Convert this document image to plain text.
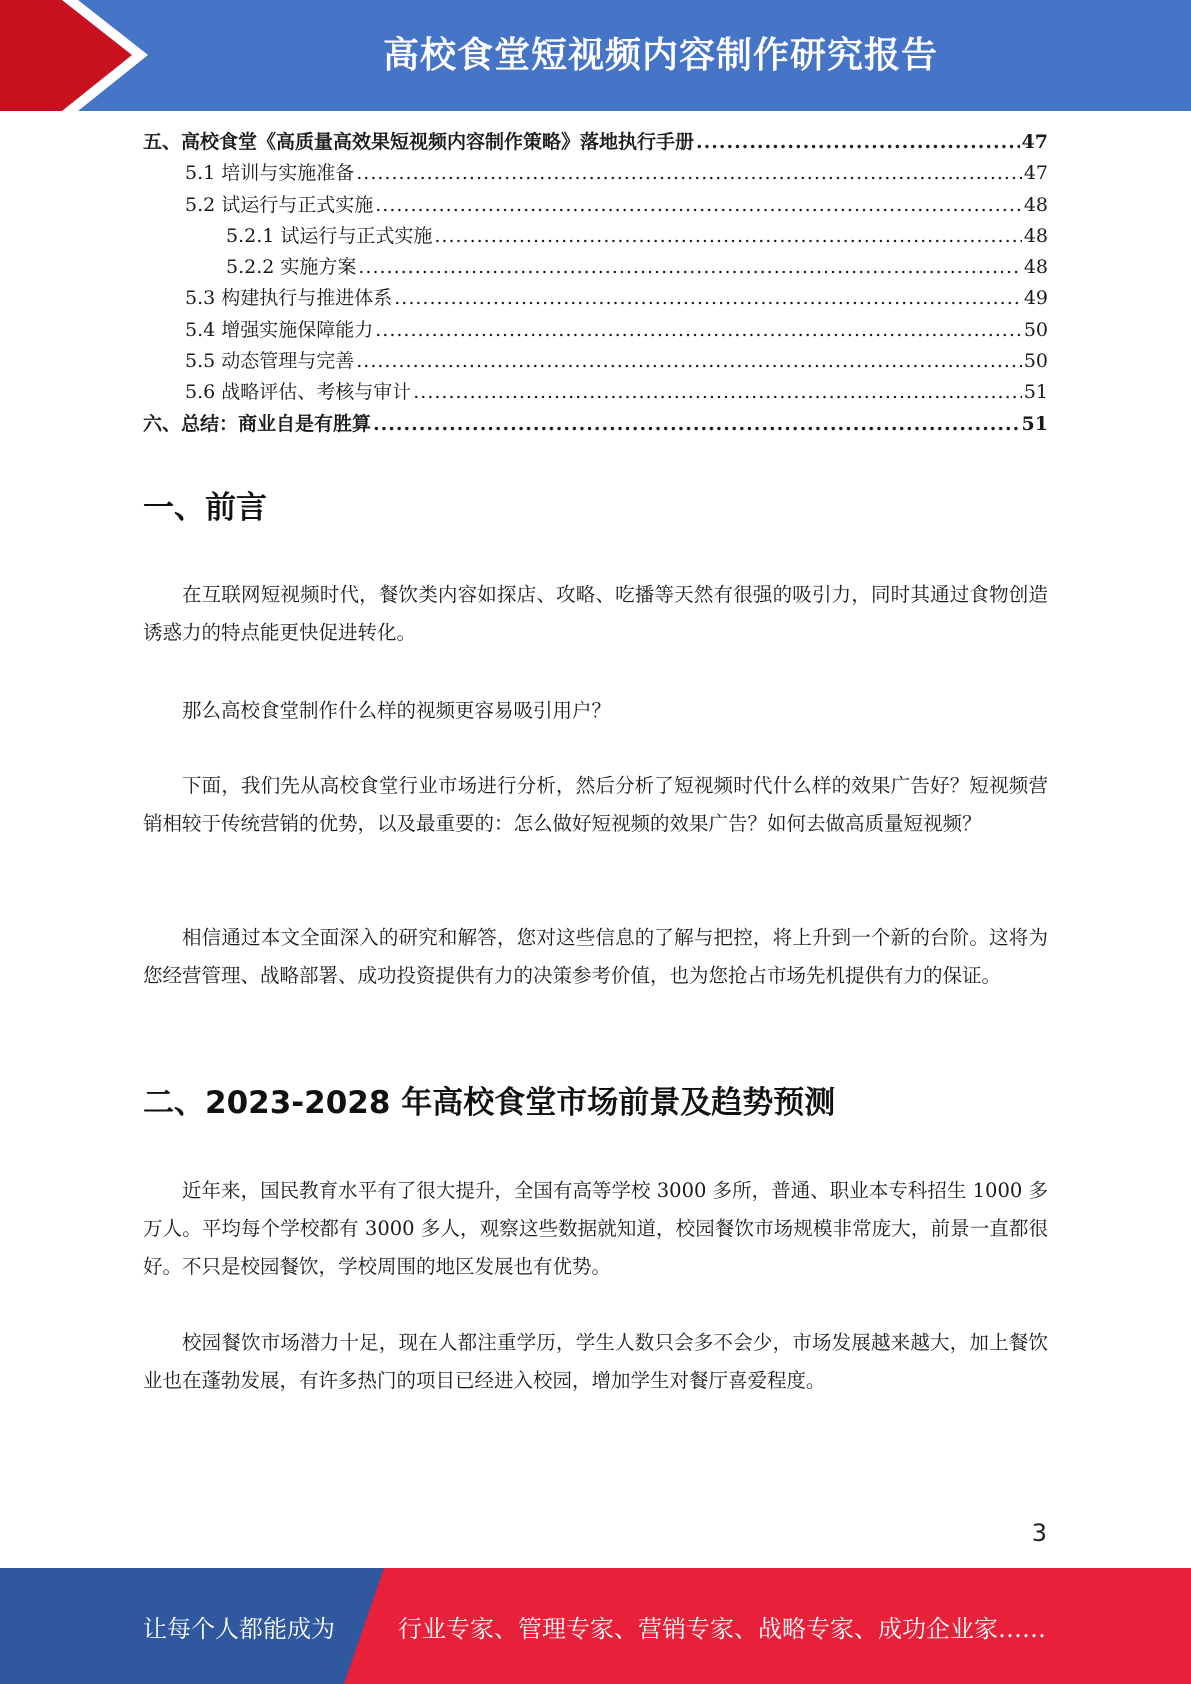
高校食堂短视频内容制作研究报告
五、高校食堂《高质量高效果短视频内容制作策略》落地执行手册 .....	47
5.1 培训与实施准备 .....	47
5.2 试运行与正式实施 .....	48
5.2.1 试运行与正式实施 .....	48
5.2.2 实施方案 .....	48
5.3 构建执行与推进体系 .....	49
5.4 增强实施保障能力 .....	50
5.5 动态管理与完善 .....	50
5.6 战略评估、考核与审计 .....	51
六、总结：商业自是有胜算 .....	51
一、前言

在互联网短视频时代，餐饮类内容如探店、攻略、吃播等天然有很强的吸引力，同时其通过食物创造诱惑力的特点能更快促进转化。

那么高校食堂制作什么样的视频更容易吸引用户？

下面，我们先从高校食堂行业市场进行分析，然后分析了短视频时代什么样的效果广告好？短视频营销相较于传统营销的优势，以及最重要的：怎么做好短视频的效果广告？如何去做高质量短视频？

相信通过本文全面深入的研究和解答，您对这些信息的了解与把控，将上升到一个新的台阶。这将为您经营管理、战略部署、成功投资提供有力的决策参考价值，也为您抢占市场先机提供有力的保证。

二、2023-2028 年高校食堂市场前景及趋势预测

近年来，国民教育水平有了很大提升，全国有高等学校 3000 多所，普通、职业本专科招生 1000 多万人。平均每个学校都有 3000 多人，观察这些数据就知道，校园餐饮市场规模非常庞大，前景一直都很好。不只是校园餐饮，学校周围的地区发展也有优势。

校园餐饮市场潜力十足，现在人都注重学历，学生人数只会多不会少，市场发展越来越大，加上餐饮业也在蓬勃发展，有许多热门的项目已经进入校园，增加学生对餐厅喜爱程度。

3
让每个人都能成为	行业专家、管理专家、营销专家、战略专家、成功企业家……
